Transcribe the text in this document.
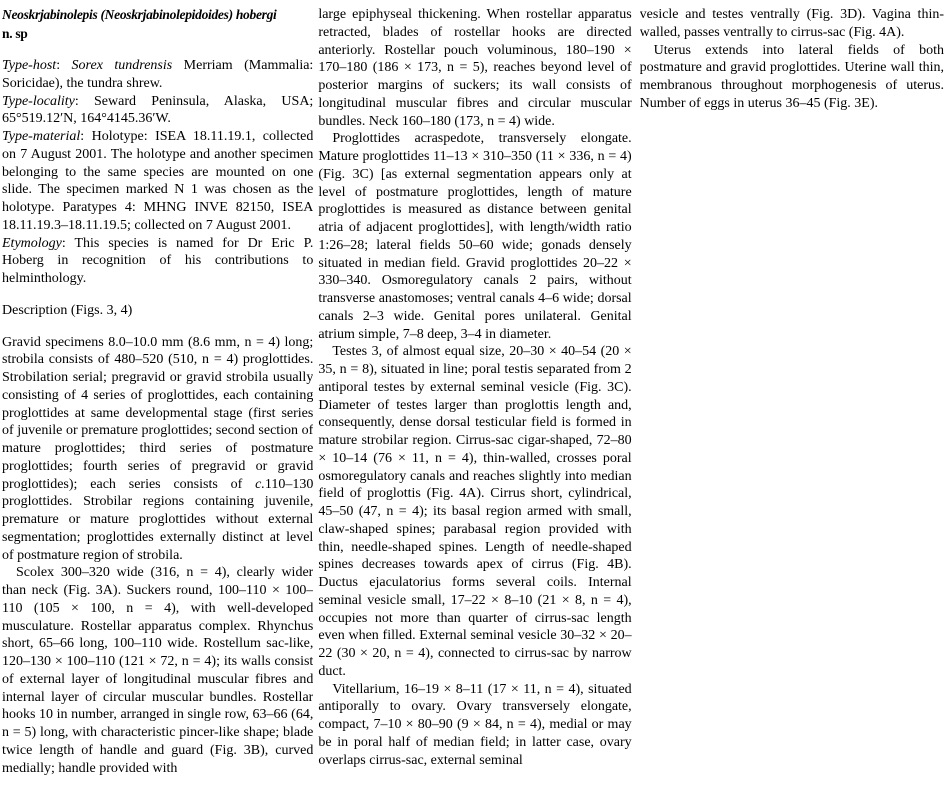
Neoskrjabinolepis (Neoskrjabinolepidoides) hobergi
n. sp

Type-host: Sorex tundrensis Merriam (Mammalia: Soricidae), the tundra shrew.

Type-locality: Seward Peninsula, Alaska, USA; 65°519.12′N, 164°4145.36′W.

Type-material: Holotype: ISEA 18.11.19.1, collected on 7 August 2001. The holotype and another specimen belonging to the same species are mounted on one slide. The specimen marked N 1 was chosen as the holotype. Paratypes 4: MHNG INVE 82150, ISEA 18.11.19.3–18.11.19.5; collected on 7 August 2001.

Etymology: This species is named for Dr Eric P. Hoberg in recognition of his contributions to helminthology.

Description (Figs. 3, 4)

Gravid specimens 8.0–10.0 mm (8.6 mm, n = 4) long; strobila consists of 480–520 (510, n = 4) proglottides. Strobilation serial; pregravid or gravid strobila usually consisting of 4 series of proglottides, each containing proglottides at same developmental stage (first series of juvenile or premature proglottides; second section of mature proglottides; third series of postmature proglottides; fourth series of pregravid or gravid proglottides); each series consists of c.110–130 proglottides. Strobilar regions containing juvenile, premature or mature proglottides without external segmentation; proglottides externally distinct at level of postmature region of strobila.

Scolex 300–320 wide (316, n = 4), clearly wider than neck (Fig. 3A). Suckers round, 100–110 × 100–110 (105 × 100, n = 4), with well-developed musculature. Rostellar apparatus complex. Rhynchus short, 65–66 long, 100–110 wide. Rostellum sac-like, 120–130 × 100–110 (121 × 72, n = 4); its walls consist of external layer of longitudinal muscular fibres and internal layer of circular muscular bundles. Rostellar hooks 10 in number, arranged in single row, 63–66 (64, n = 5) long, with characteristic pincer-like shape; blade twice length of handle and guard (Fig. 3B), curved medially; handle provided with

large epiphyseal thickening. When rostellar apparatus retracted, blades of rostellar hooks are directed anteriorly. Rostellar pouch voluminous, 180–190 × 170–180 (186 × 173, n = 5), reaches beyond level of posterior margins of suckers; its wall consists of longitudinal muscular fibres and circular muscular bundles. Neck 160–180 (173, n = 4) wide.

Proglottides acraspedote, transversely elongate. Mature proglottides 11–13 × 310–350 (11 × 336, n = 4) (Fig. 3C) [as external segmentation appears only at level of postmature proglottides, length of mature proglottides is measured as distance between genital atria of adjacent proglottides], with length/width ratio 1:26–28; lateral fields 50–60 wide; gonads densely situated in median field. Gravid proglottides 20–22 × 330–340. Osmoregulatory canals 2 pairs, without transverse anastomoses; ventral canals 4–6 wide; dorsal canals 2–3 wide. Genital pores unilateral. Genital atrium simple, 7–8 deep, 3–4 in diameter.

Testes 3, of almost equal size, 20–30 × 40–54 (20 × 35, n = 8), situated in line; poral testis separated from 2 antiporal testes by external seminal vesicle (Fig. 3C). Diameter of testes larger than proglottis length and, consequently, dense dorsal testicular field is formed in mature strobilar region. Cirrus-sac cigar-shaped, 72–80 × 10–14 (76 × 11, n = 4), thin-walled, crosses poral osmoregulatory canals and reaches slightly into median field of proglottis (Fig. 4A). Cirrus short, cylindrical, 45–50 (47, n = 4); its basal region armed with small, claw-shaped spines; parabasal region provided with thin, needle-shaped spines. Length of needle-shaped spines decreases towards apex of cirrus (Fig. 4B). Ductus ejaculatorius forms several coils. Internal seminal vesicle small, 17–22 × 8–10 (21 × 8, n = 4), occupies not more than quarter of cirrus-sac length even when filled. External seminal vesicle 30–32 × 20–22 (30 × 20, n = 4), connected to cirrus-sac by narrow duct.

Vitellarium, 16–19 × 8–11 (17 × 11, n = 4), situated antiporally to ovary. Ovary transversely elongate, compact, 7–10 × 80–90 (9 × 84, n = 4), medial or may be in poral half of median field; in latter case, ovary overlaps cirrus-sac, external seminal

vesicle and testes ventrally (Fig. 3D). Vagina thin-walled, passes ventrally to cirrus-sac (Fig. 4A).

Uterus extends into lateral fields of both postmature and gravid proglottides. Uterine wall thin, membranous throughout morphogenesis of uterus. Number of eggs in uterus 36–45 (Fig. 3E).
